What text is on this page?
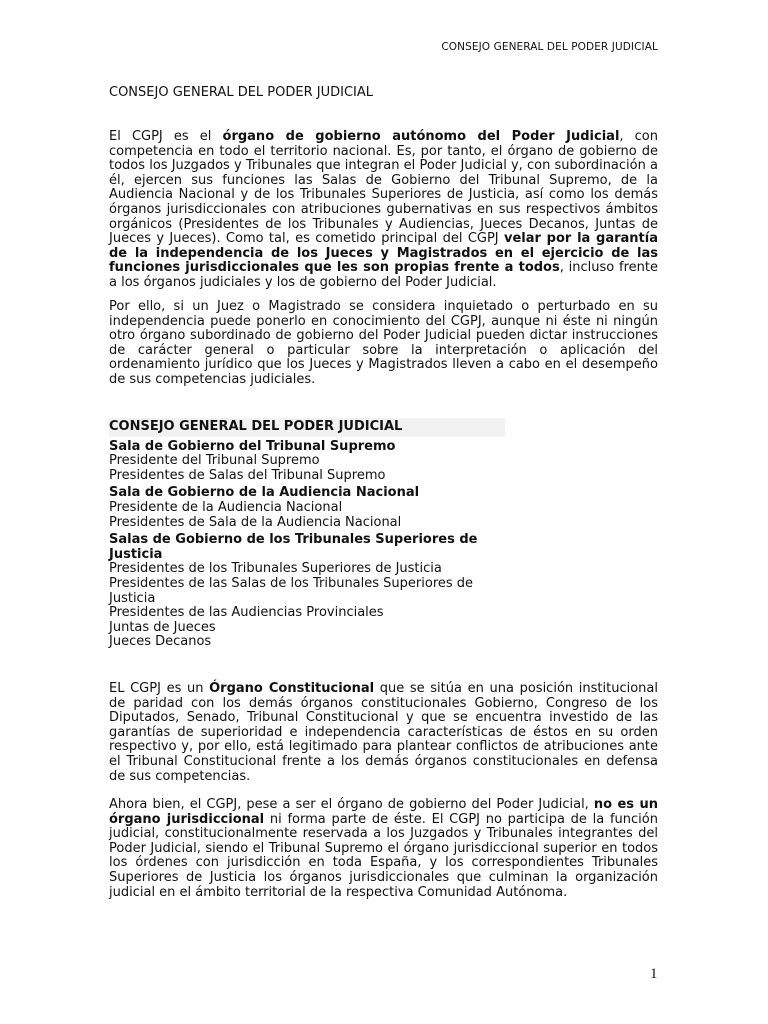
CONSEJO GENERAL DEL PODER JUDICIAL
CONSEJO GENERAL DEL PODER JUDICIAL

El CGPJ es el órgano de gobierno autónomo del Poder Judicial, con competencia en todo el territorio nacional. Es, por tanto, el órgano de gobierno de todos los Juzgados y Tribunales que integran el Poder Judicial y, con subordinación a él, ejercen sus funciones las Salas de Gobierno del Tribunal Supremo, de la Audiencia Nacional y de los Tribunales Superiores de Justicia, así como los demás órganos jurisdiccionales con atribuciones gubernativas en sus respectivos ámbitos orgánicos (Presidentes de los Tribunales y Audiencias, Jueces Decanos, Juntas de Jueces y Jueces). Como tal, es cometido principal del CGPJ velar por la garantía de la independencia de los Jueces y Magistrados en el ejercicio de las funciones jurisdiccionales que les son propias frente a todos, incluso frente a los órganos judiciales y los de gobierno del Poder Judicial.

Por ello, si un Juez o Magistrado se considera inquietado o perturbado en su independencia puede ponerlo en conocimiento del CGPJ, aunque ni éste ni ningún otro órgano subordinado de gobierno del Poder Judicial pueden dictar instrucciones de carácter general o particular sobre la interpretación o aplicación del ordenamiento jurídico que los Jueces y Magistrados lleven a cabo en el desempeño de sus competencias judiciales.

CONSEJO GENERAL DEL PODER JUDICIAL
Sala de Gobierno del Tribunal Supremo
Presidente del Tribunal Supremo
Presidentes de Salas del Tribunal Supremo
Sala de Gobierno de la Audiencia Nacional
Presidente de la Audiencia Nacional
Presidentes de Sala de la Audiencia Nacional
Salas de Gobierno de los Tribunales Superiores de Justicia
Presidentes de los Tribunales Superiores de Justicia
Presidentes de las Salas de los Tribunales Superiores de Justicia
Presidentes de las Audiencias Provinciales
Juntas de Jueces
Jueces Decanos

EL CGPJ es un Órgano Constitucional que se sitúa en una posición institucional de paridad con los demás órganos constitucionales Gobierno, Congreso de los Diputados, Senado, Tribunal Constitucional y que se encuentra investido de las garantías de superioridad e independencia características de éstos en su orden respectivo y, por ello, está legitimado para plantear conflictos de atribuciones ante el Tribunal Constitucional frente a los demás órganos constitucionales en defensa de sus competencias.

Ahora bien, el CGPJ, pese a ser el órgano de gobierno del Poder Judicial, no es un órgano jurisdiccional ni forma parte de éste. El CGPJ no participa de la función judicial, constitucionalmente reservada a los Juzgados y Tribunales integrantes del Poder Judicial, siendo el Tribunal Supremo el órgano jurisdiccional superior en todos los órdenes con jurisdicción en toda España, y los correspondientes Tribunales Superiores de Justicia los órganos jurisdiccionales que culminan la organización judicial en el ámbito territorial de la respectiva Comunidad Autónoma.

1
